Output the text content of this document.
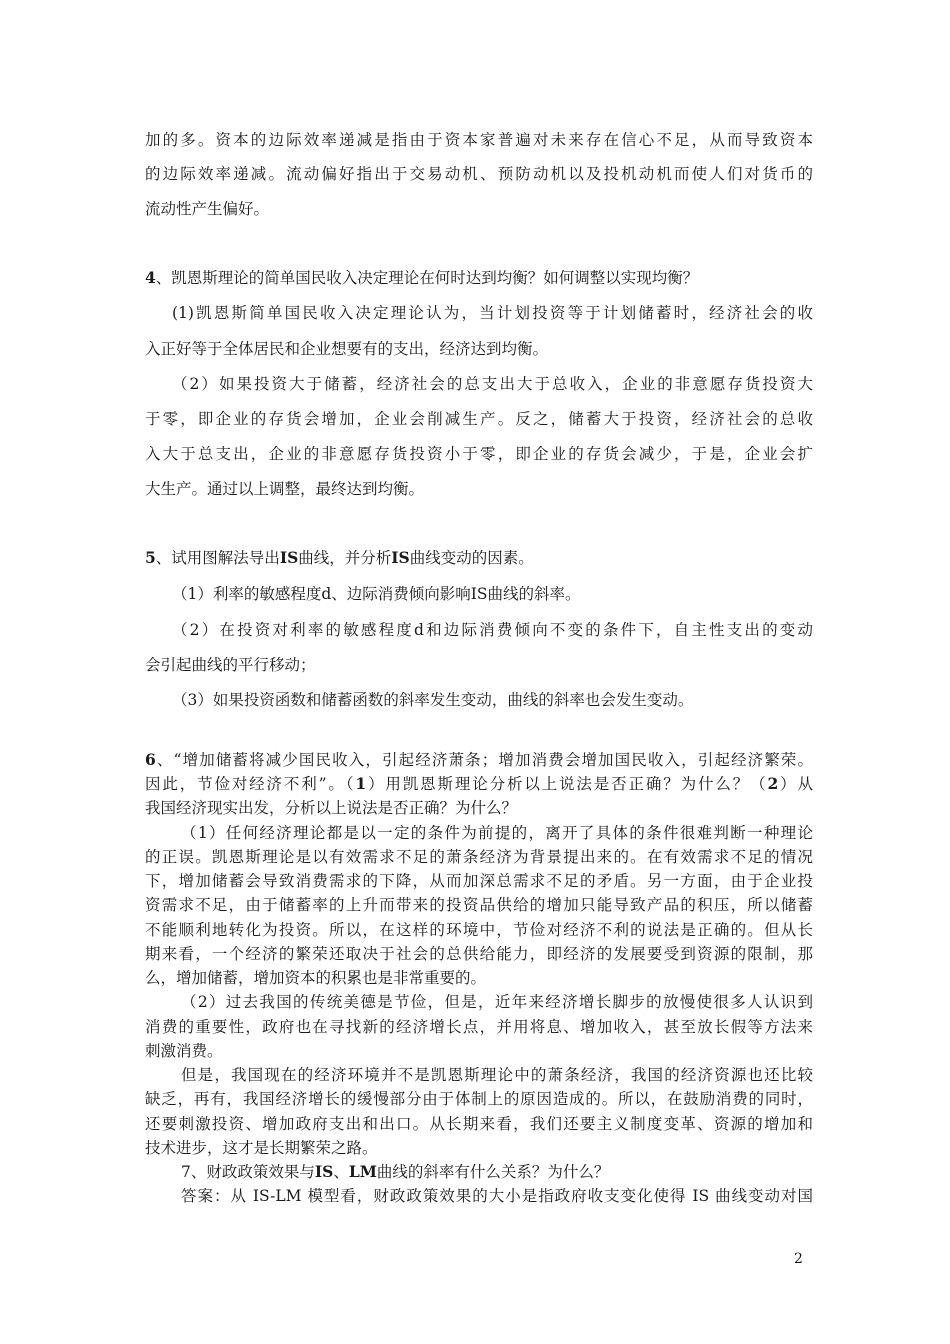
加的多。资本的边际效率递减是指由于资本家普遍对未来存在信心不足，从而导致资本
的边际效率递减。流动偏好指出于交易动机、预防动机以及投机动机而使人们对货币的
流动性产生偏好。
4、凯恩斯理论的简单国民收入决定理论在何时达到均衡？如何调整以实现均衡？
(1)凯恩斯简单国民收入决定理论认为，当计划投资等于计划储蓄时，经济社会的收
入正好等于全体居民和企业想要有的支出，经济达到均衡。
（2）如果投资大于储蓄，经济社会的总支出大于总收入，企业的非意愿存货投资大
于零，即企业的存货会增加，企业会削减生产。反之，储蓄大于投资，经济社会的总收
入大于总支出，企业的非意愿存货投资小于零，即企业的存货会减少，于是，企业会扩
大生产。通过以上调整，最终达到均衡。
5、试用图解法导出IS曲线，并分析IS曲线变动的因素。
（1）利率的敏感程度d、边际消费倾向影响IS曲线的斜率。
（2）在投资对利率的敏感程度d和边际消费倾向不变的条件下，自主性支出的变动
会引起曲线的平行移动；
（3）如果投资函数和储蓄函数的斜率发生变动，曲线的斜率也会发生变动。
6、“增加储蓄将减少国民收入，引起经济萧条；增加消费会增加国民收入，引起经济繁荣。
因此，节俭对经济不利”。（1）用凯恩斯理论分析以上说法是否正确？为什么？（2）从
我国经济现实出发，分析以上说法是否正确？为什么？
（1）任何经济理论都是以一定的条件为前提的，离开了具体的条件很难判断一种理论
的正误。凯恩斯理论是以有效需求不足的萧条经济为背景提出来的。在有效需求不足的情况
下，增加储蓄会导致消费需求的下降，从而加深总需求不足的矛盾。另一方面，由于企业投
资需求不足，由于储蓄率的上升而带来的投资品供给的增加只能导致产品的积压，所以储蓄
不能顺利地转化为投资。所以，在这样的环境中，节俭对经济不利的说法是正确的。但从长
期来看，一个经济的繁荣还取决于社会的总供给能力，即经济的发展要受到资源的限制，那
么，增加储蓄，增加资本的积累也是非常重要的。
（2）过去我国的传统美德是节俭，但是，近年来经济增长脚步的放慢使很多人认识到
消费的重要性，政府也在寻找新的经济增长点，并用将息、增加收入，甚至放长假等方法来
刺激消费。
但是，我国现在的经济环境并不是凯恩斯理论中的萧条经济，我国的经济资源也还比较
缺乏，再有，我国经济增长的缓慢部分由于体制上的原因造成的。所以，在鼓励消费的同时，
还要刺激投资、增加政府支出和出口。从长期来看，我们还要主义制度变革、资源的增加和
技术进步，这才是长期繁荣之路。
7、财政政策效果与IS、LM曲线的斜率有什么关系？为什么？
答案：从 IS-LM 模型看，财政政策效果的大小是指政府收支变化使得 IS 曲线变动对国
2
